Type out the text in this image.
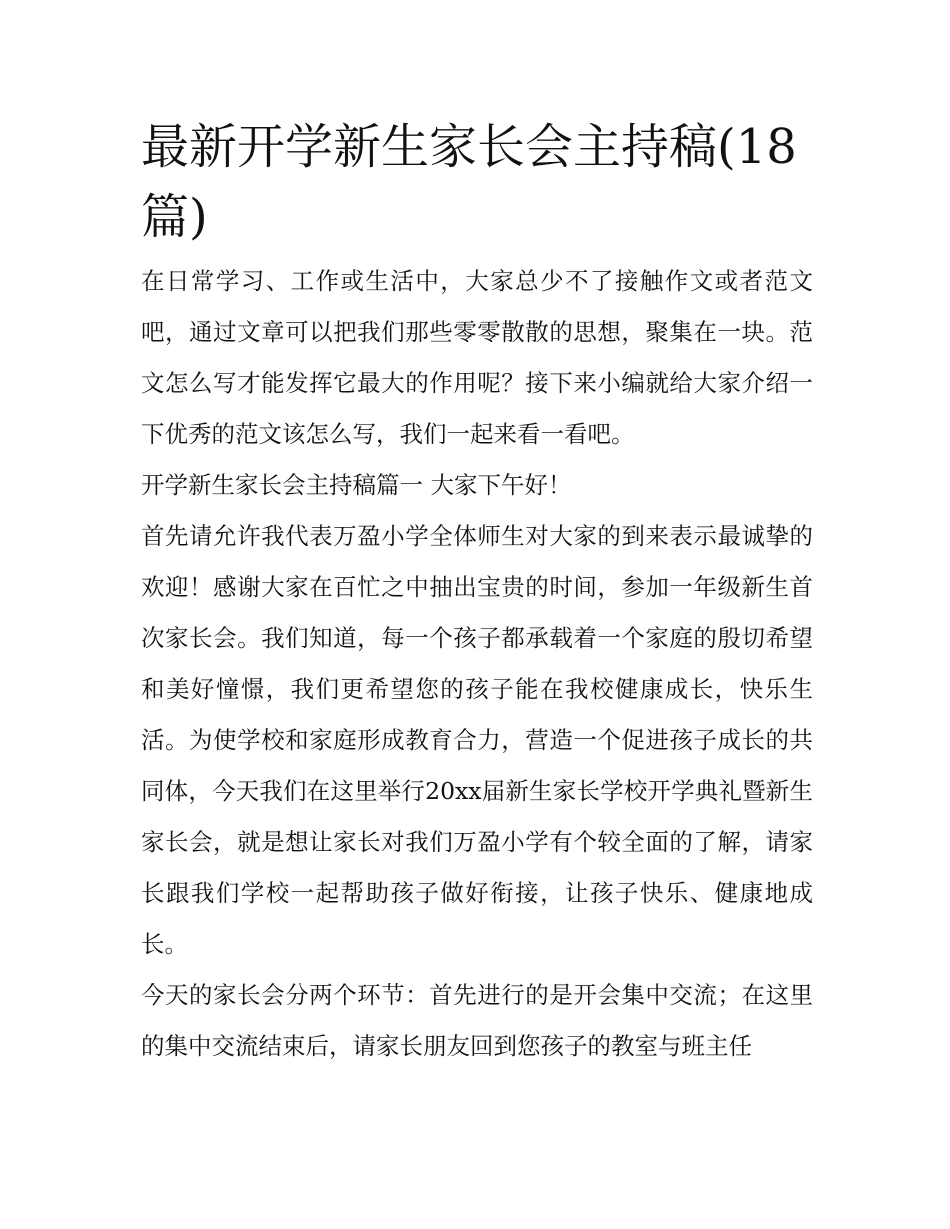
最新开学新生家长会主持稿(18篇)

在日常学习、工作或生活中，大家总少不了接触作文或者范文吧，通过文章可以把我们那些零零散散的思想，聚集在一块。范文怎么写才能发挥它最大的作用呢？接下来小编就给大家介绍一下优秀的范文该怎么写，我们一起来看一看吧。

开学新生家长会主持稿篇一 大家下午好！

首先请允许我代表万盈小学全体师生对大家的到来表示最诚挚的欢迎！感谢大家在百忙之中抽出宝贵的时间，参加一年级新生首次家长会。我们知道，每一个孩子都承载着一个家庭的殷切希望和美好憧憬，我们更希望您的孩子能在我校健康成长，快乐生活。为使学校和家庭形成教育合力，营造一个促进孩子成长的共同体，今天我们在这里举行20xx届新生家长学校开学典礼暨新生家长会，就是想让家长对我们万盈小学有个较全面的了解，请家长跟我们学校一起帮助孩子做好衔接，让孩子快乐、健康地成长。

今天的家长会分两个环节：首先进行的是开会集中交流；在这里的集中交流结束后，请家长朋友回到您孩子的教室与班主任
